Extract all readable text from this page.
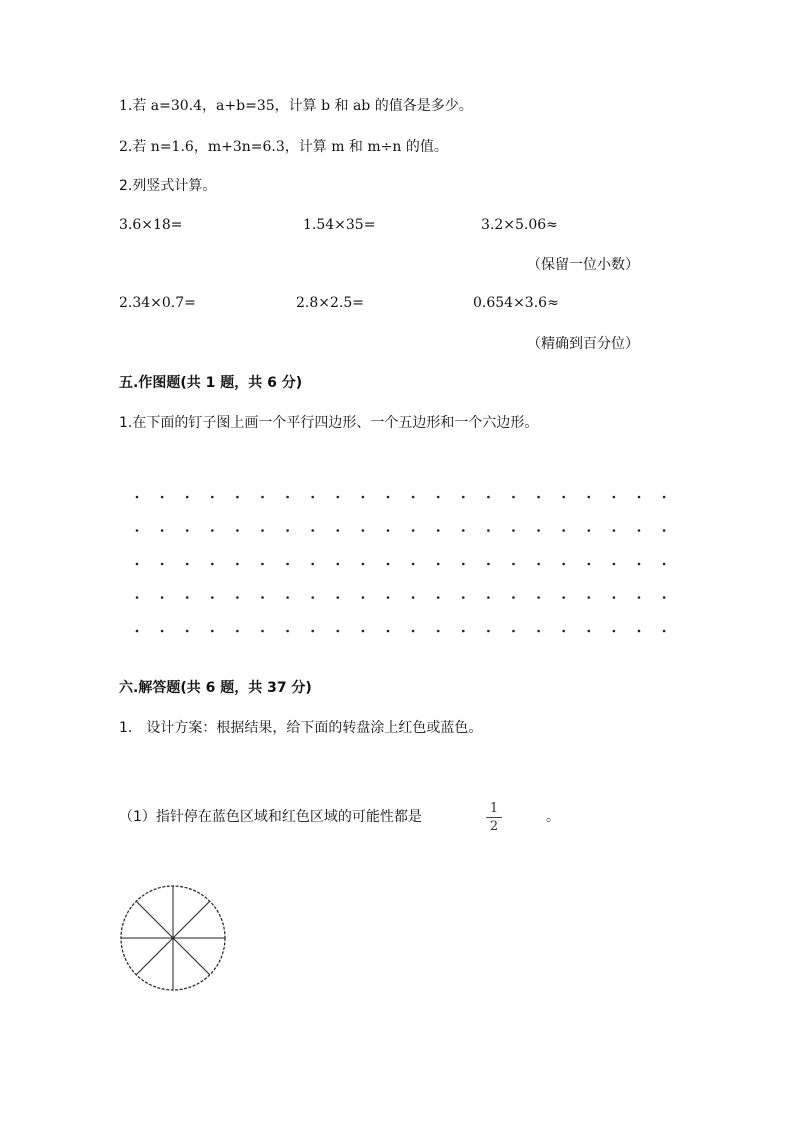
1.若 a=30.4，a+b=35，计算 b 和 ab 的值各是多少。
2.若 n=1.6，m+3n=6.3，计算 m 和 m÷n 的值。
2.列竖式计算。
3.6×18=	1.54×35=	3.2×5.06≈
（保留一位小数）
2.34×0.7=	2.8×2.5=	0.654×3.6≈
（精确到百分位）
五.作图题(共 1 题，共 6 分)
1.在下面的钉子图上画一个平行四边形、一个五边形和一个六边形。
六.解答题(共 6 题，共 37 分)
1.　设计方案：根据结果，给下面的转盘涂上红色或蓝色。
（1）指针停在蓝色区域和红色区域的可能性都是
1
2
。
